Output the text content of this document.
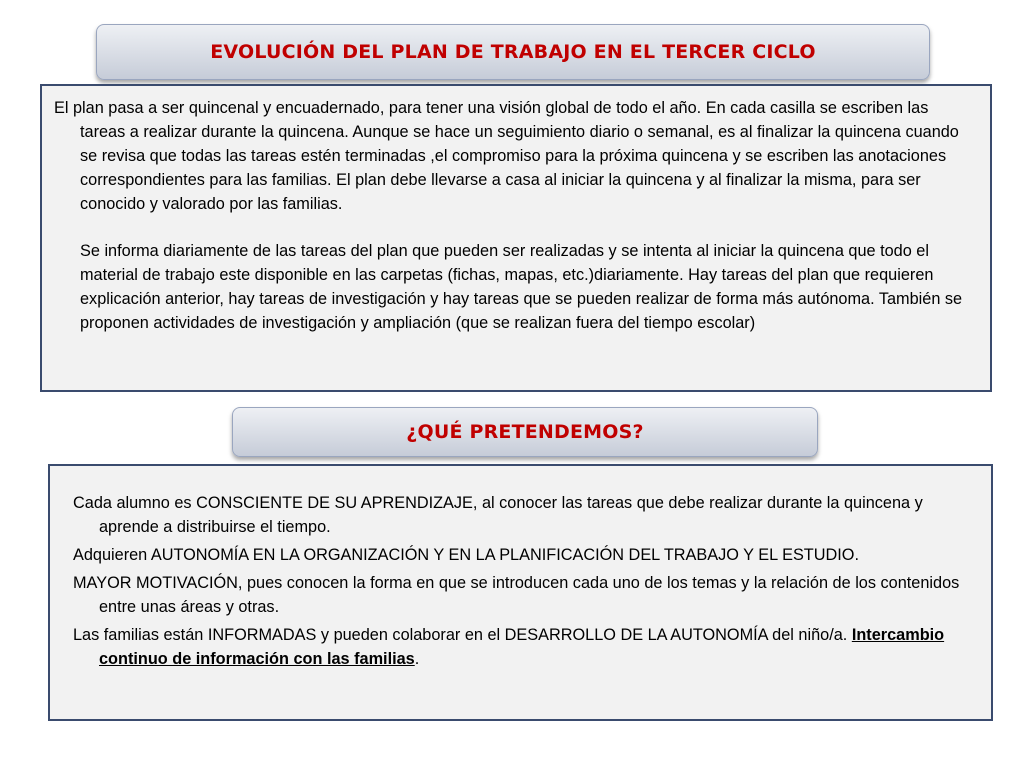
EVOLUCIÓN DEL PLAN DE TRABAJO EN EL TERCER CICLO

El plan pasa a ser quincenal y encuadernado, para tener una visión global de todo el año. En cada casilla se escriben las tareas a realizar durante la quincena. Aunque se hace un seguimiento diario o semanal, es al finalizar la quincena cuando se revisa que todas las tareas estén terminadas ,el compromiso para la próxima quincena y se escriben las anotaciones correspondientes para las familias. El plan debe llevarse a casa al iniciar la quincena y al finalizar la misma, para ser conocido y valorado por las familias.

Se informa diariamente de las tareas del plan que pueden ser realizadas y se intenta al iniciar la quincena que todo el material de trabajo este disponible en las carpetas (fichas, mapas, etc.)diariamente. Hay tareas del plan que requieren explicación anterior, hay tareas de investigación y hay tareas que se pueden realizar de forma más autónoma. También se proponen actividades de investigación y ampliación (que se realizan fuera del tiempo escolar)

¿QUÉ PRETENDEMOS?

Cada alumno es CONSCIENTE DE SU APRENDIZAJE, al conocer las tareas que debe realizar durante la quincena y aprende a distribuirse el tiempo.

Adquieren AUTONOMÍA EN LA ORGANIZACIÓN Y EN LA PLANIFICACIÓN DEL TRABAJO Y EL ESTUDIO.

MAYOR MOTIVACIÓN, pues conocen la forma en que se introducen cada uno de los temas y la relación de los contenidos entre unas áreas y otras.

Las familias están INFORMADAS y pueden colaborar en el DESARROLLO DE LA AUTONOMÍA del niño/a. Intercambio continuo de información con las familias.
